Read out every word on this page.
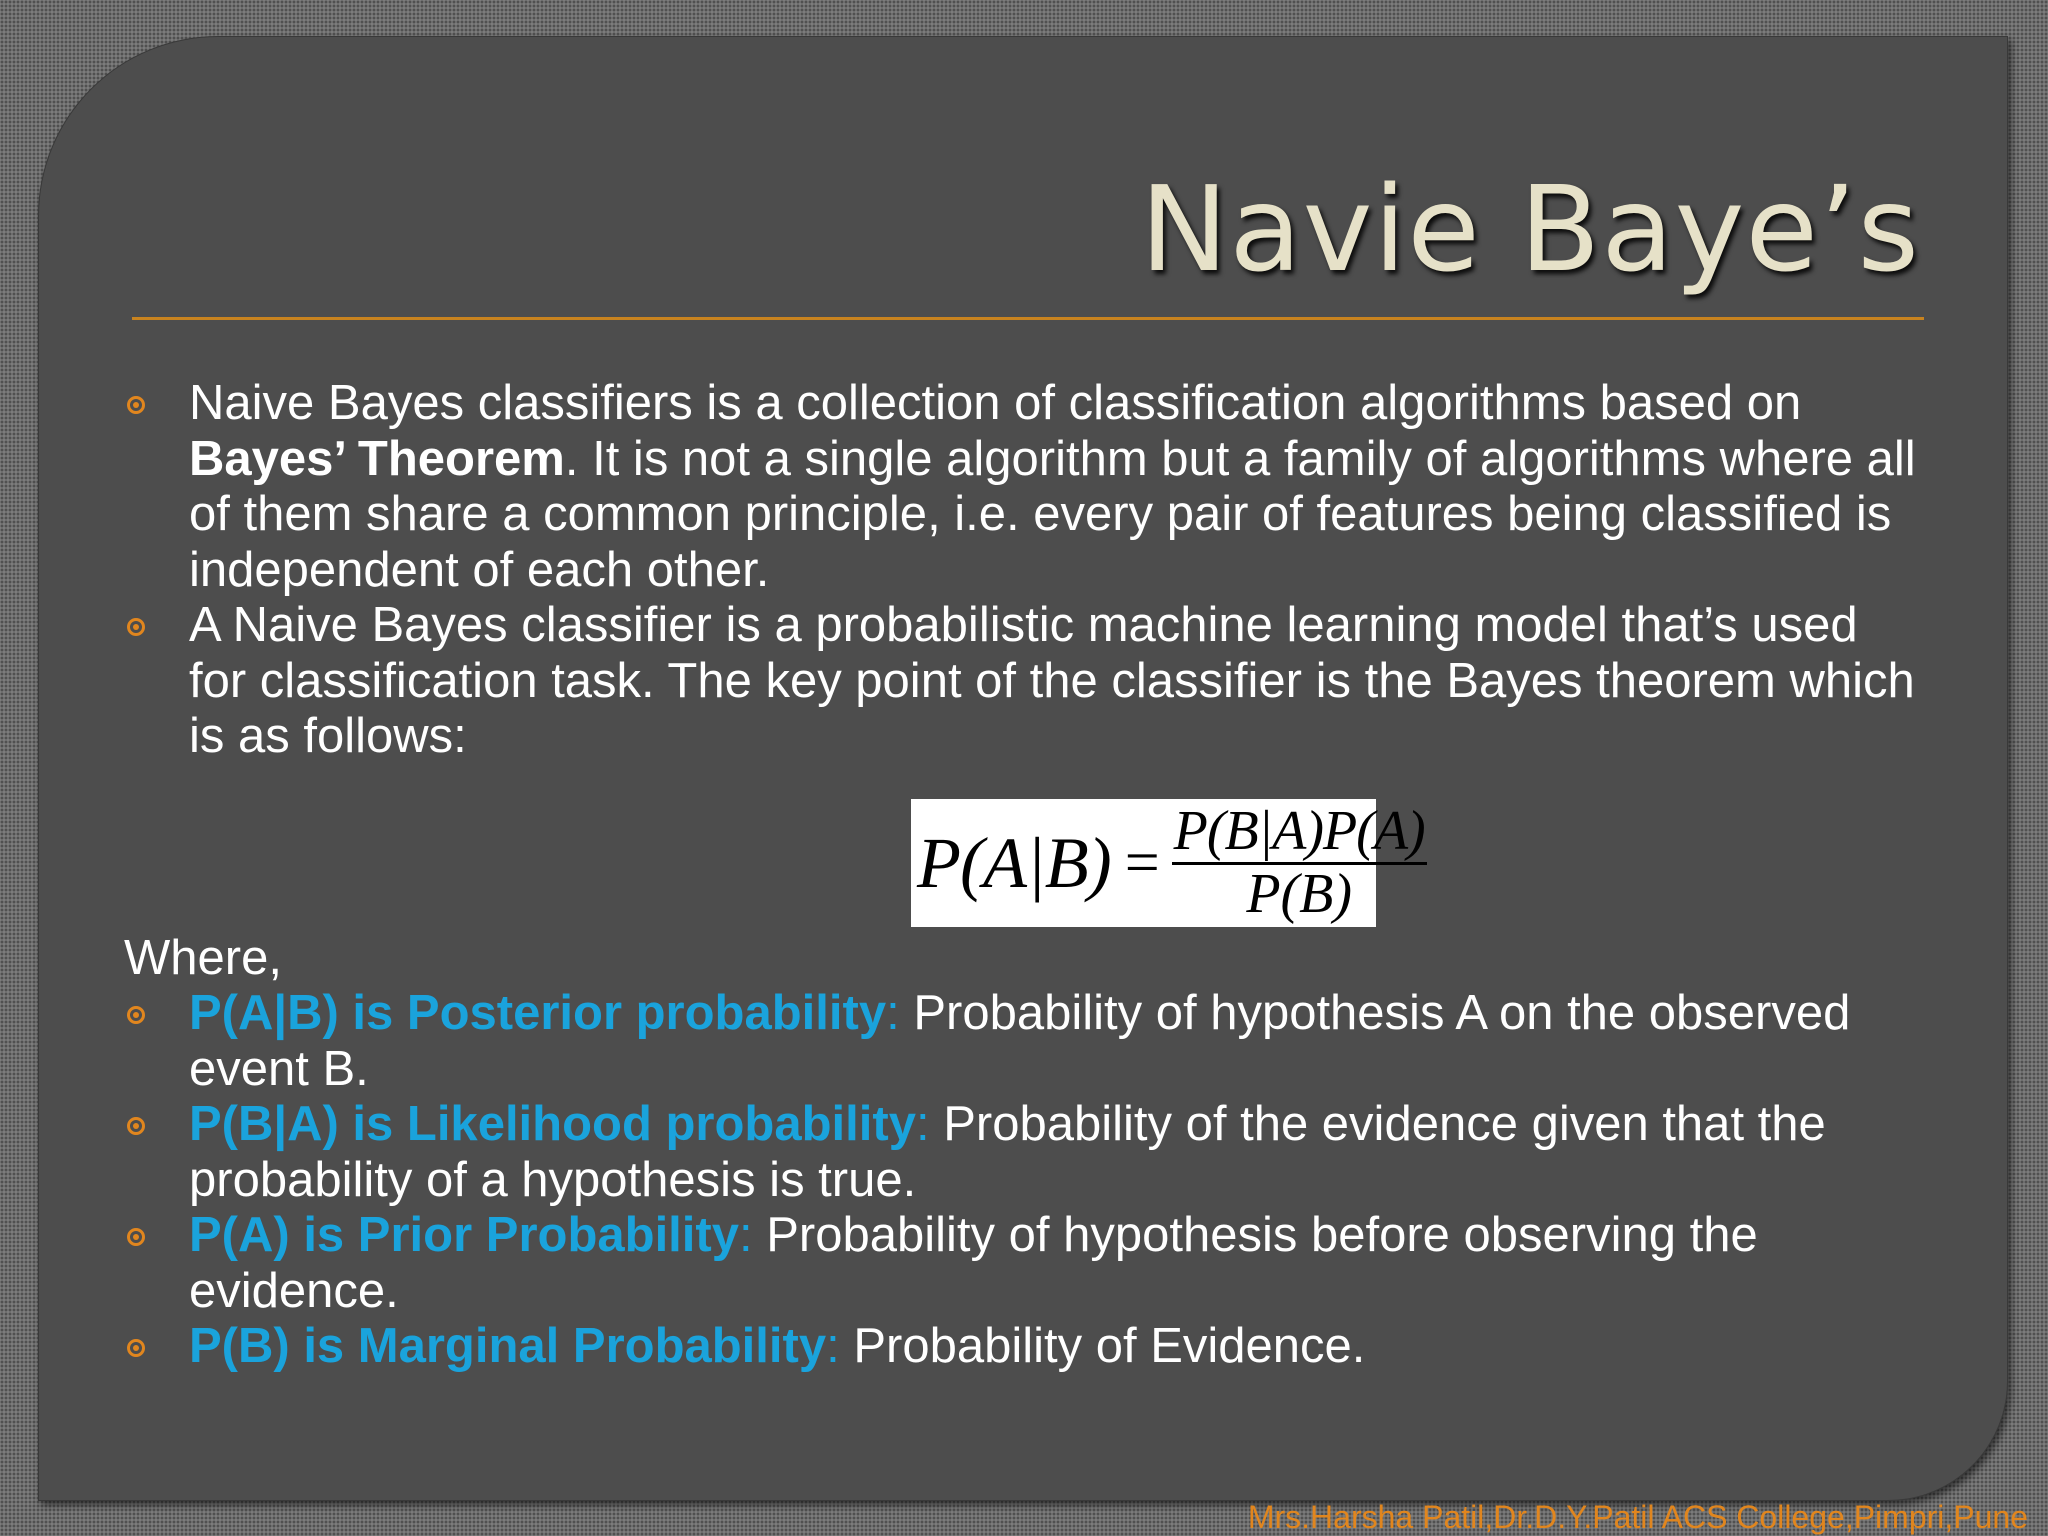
Navie Baye’s

Naive Bayes classifiers is a collection of classification algorithms based on Bayes’ Theorem. It is not a single algorithm but a family of algorithms where all of them share a common principle, i.e. every pair of features being classified is independent of each other.

A Naive Bayes classifier is a probabilistic machine learning model that’s used for classification task. The key point of the classifier is the Bayes theorem which is as follows:

Where,

P(A|B) is Posterior probability: Probability of hypothesis A on the observed event B.

P(B|A) is Likelihood probability: Probability of the evidence given that the probability of a hypothesis is true.

P(A) is Prior Probability: Probability of hypothesis before observing the evidence.

P(B) is Marginal Probability: Probability of Evidence.

$P(A|B) = \frac{P(B|A)P(A)}{P(B)}$
Mrs.Harsha Patil,Dr.D.Y.Patil ACS College,Pimpri,Pune
